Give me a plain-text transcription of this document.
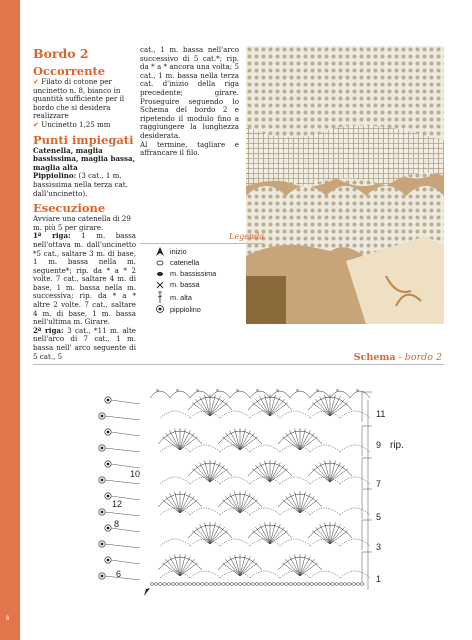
6
Bordo 2
Occorrente

✔ Filato di cotone per uncinetto n. 8, bianco in quantità sufficiente per il bordo che si desidera realizzare

✔ Uncinetto 1,25 mm

Punti impiegati

Catenella, maglia bassissima, maglia bassa, maglia alta

Pippiolino: (3 cat., 1 m. bassissima nella terza cat. dall'uncinetto).

Esecuzione

Avviare una catenella di 29 m. più 5 per girare.

1ª riga: 1 m. bassa nell'ottava m. dall'uncinetto *5 cat., saltare 3 m. di base, 1 m. bassa nella m. seguente*; rip. da * a * 2 volte. 7 cat., saltare 4 m. di base, 1 m. bassa nella m. successiva; rip. da * a * altre 2 volte. 7 cat., saltare 4 m. di base, 1 m. bassa nell'ultima m. Girare.

2ª riga: 3 cat., *11 m. alte nell'arco di 7 cat., 1 m. bassa nell' arco seguente di 5 cat., 5

cat., 1 m. bassa nell'arco successivo di 5 cat.*; rip. da * a * ancora una volta; 5 cat., 1 m. bassa nella terza cat. d'inizio della riga precedente; girare. Proseguire seguendo lo Schema del bordo 2 e ripetendo il modulo fino a raggiungere la lunghezza desiderata.

Al termine, tagliare e affrancare il filo.

Legenda
inizio
catenella
m. bassissima
m. bassa
m. alta
pippiolino
Schema - bordo 2
×	×	×	×	×	×	×	×	×	×	×
1
3
5
7
9 rip.
11
6
8
10
12
